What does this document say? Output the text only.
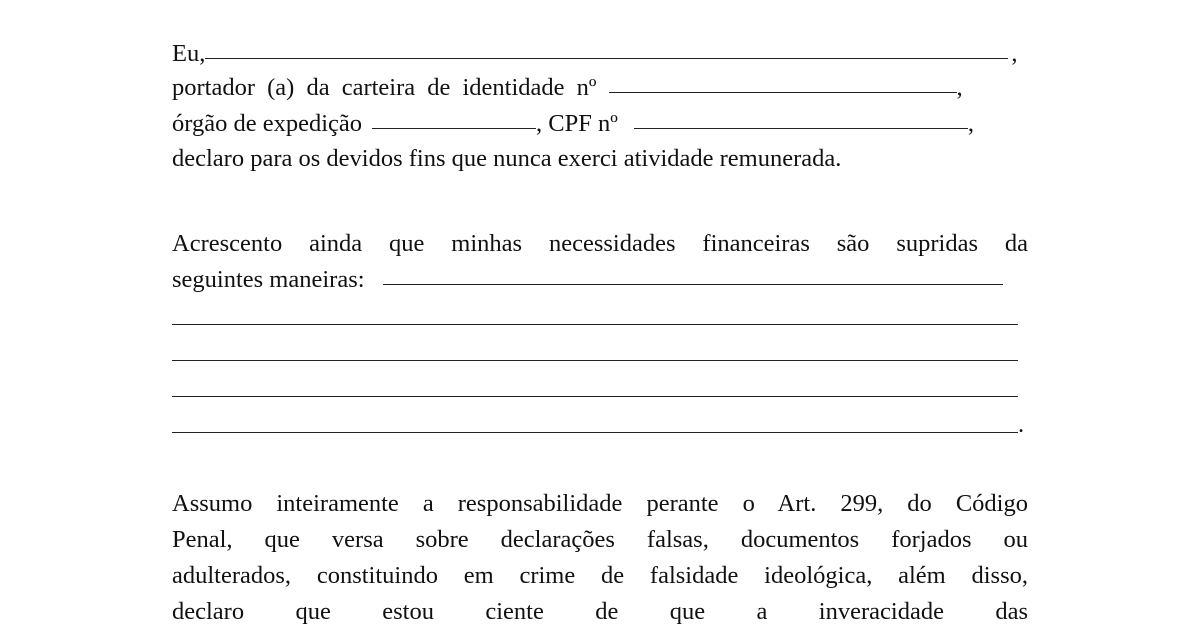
Eu,	,
portador (a) da carteira de identidade nº	,
órgão de expedição	, CPF nº	,
declaro para os devidos fins que nunca exerci atividade remunerada.
Acrescento ainda que minhas necessidades financeiras são supridas da
seguintes maneiras:
.
Assumo inteiramente a responsabilidade perante o Art. 299, do Código
Penal, que versa sobre declarações falsas, documentos forjados ou
adulterados, constituindo em crime de falsidade ideológica, além disso,
declaro que estou ciente de que a inveracidade das
